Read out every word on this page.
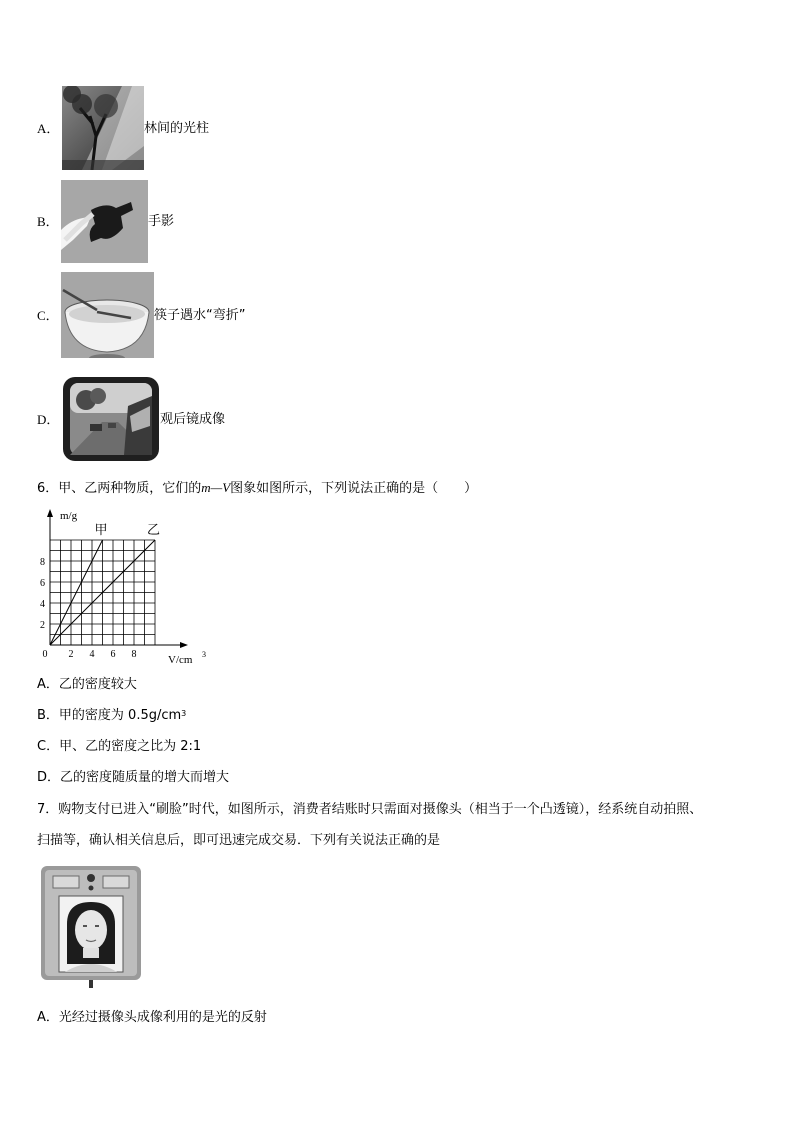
A．	林间的光柱
B．	手影
C．	筷子遇水“弯折”
D．	观后镜成像
6．甲、乙两种物质，它们的m—V图象如图所示，下列说法正确的是（　　）
甲	乙
2 4 6 8
2
4
6
8
0
m/g
V/cm 3
A．乙的密度较大
B．甲的密度为 $0.5g/cm^3$
C．甲、乙的密度之比为 2:1
D．乙的密度随质量的增大而增大
7．购物支付已进入“刷脸”时代，如图所示，消费者结账时只需面对摄像头（相当于一个凸透镜），经系统自动拍照、
扫描等，确认相关信息后，即可迅速完成交易．下列有关说法正确的是
A．光经过摄像头成像利用的是光的反射
